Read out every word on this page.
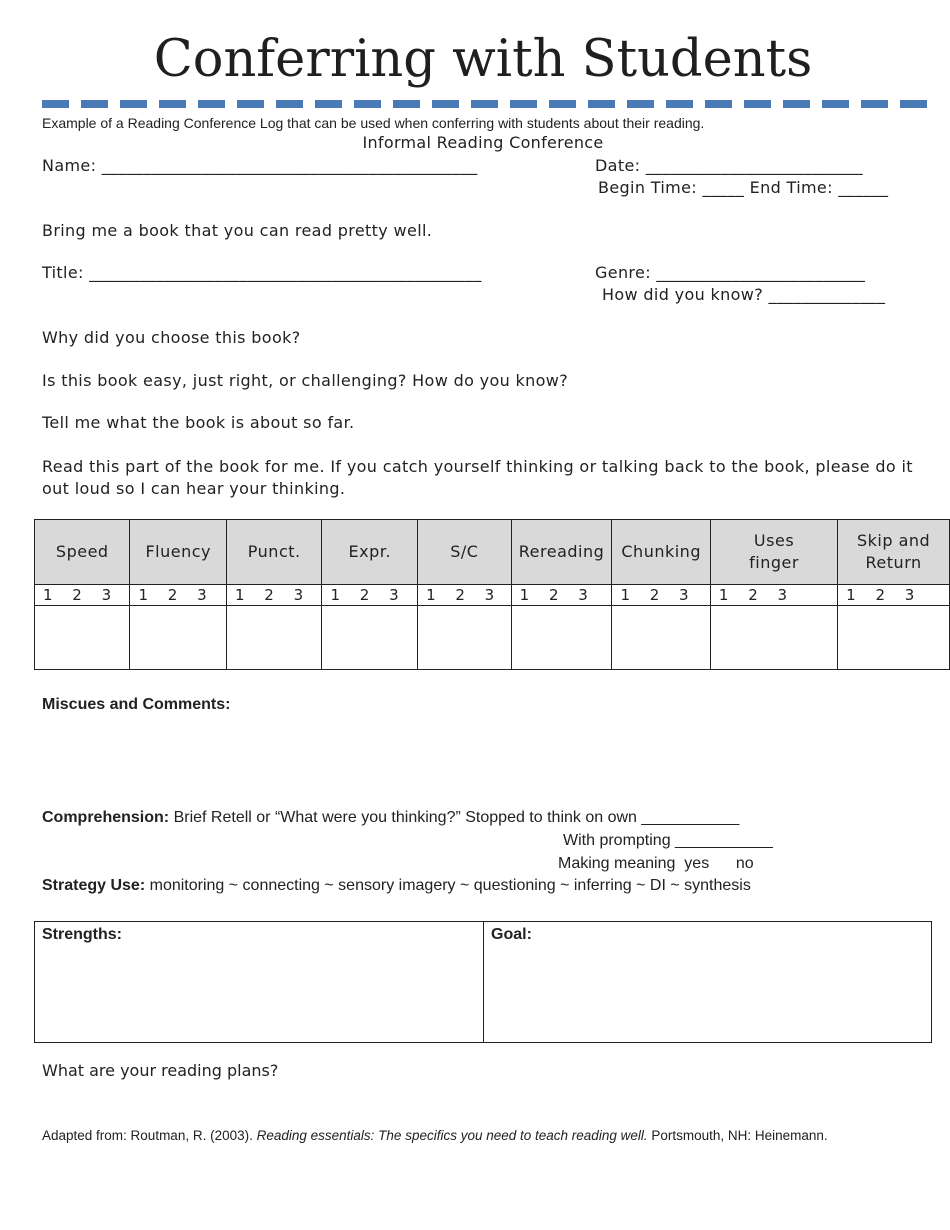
Conferring with Students
Example of a Reading Conference Log that can be used when conferring with students about their reading.
Informal Reading Conference
Name: _____________________________________________	Date: __________________________
Begin Time: _____ End Time: ______
Bring me a book that you can read pretty well.
Title: _______________________________________________	Genre: _________________________
How did you know? ______________
Why did you choose this book?
Is this book easy, just right, or challenging? How do you know?
Tell me what the book is about so far.
Read this part of the book for me. If you catch yourself thinking or talking back to the book, please do it out loud so I can hear your thinking.
Speed	Fluency	Punct.	Expr.	S/C	Rereading	Chunking	Uses finger	Skip and Return
1 2 3	1 2 3	1 2 3	1 2 3	1 2 3	1 2 3	1 2 3	1 2 3	1 2 3

Miscues and Comments:
Comprehension: Brief Retell or “What were you thinking?” Stopped to think on own ___________
With prompting ___________
Making meaning  yes      no
Strategy Use: monitoring ~ connecting ~ sensory imagery ~ questioning ~ inferring ~ DI ~ synthesis
Strengths:	Goal:
What are your reading plans?
Adapted from: Routman, R. (2003). Reading essentials: The specifics you need to teach reading well. Portsmouth, NH: Heinemann.
